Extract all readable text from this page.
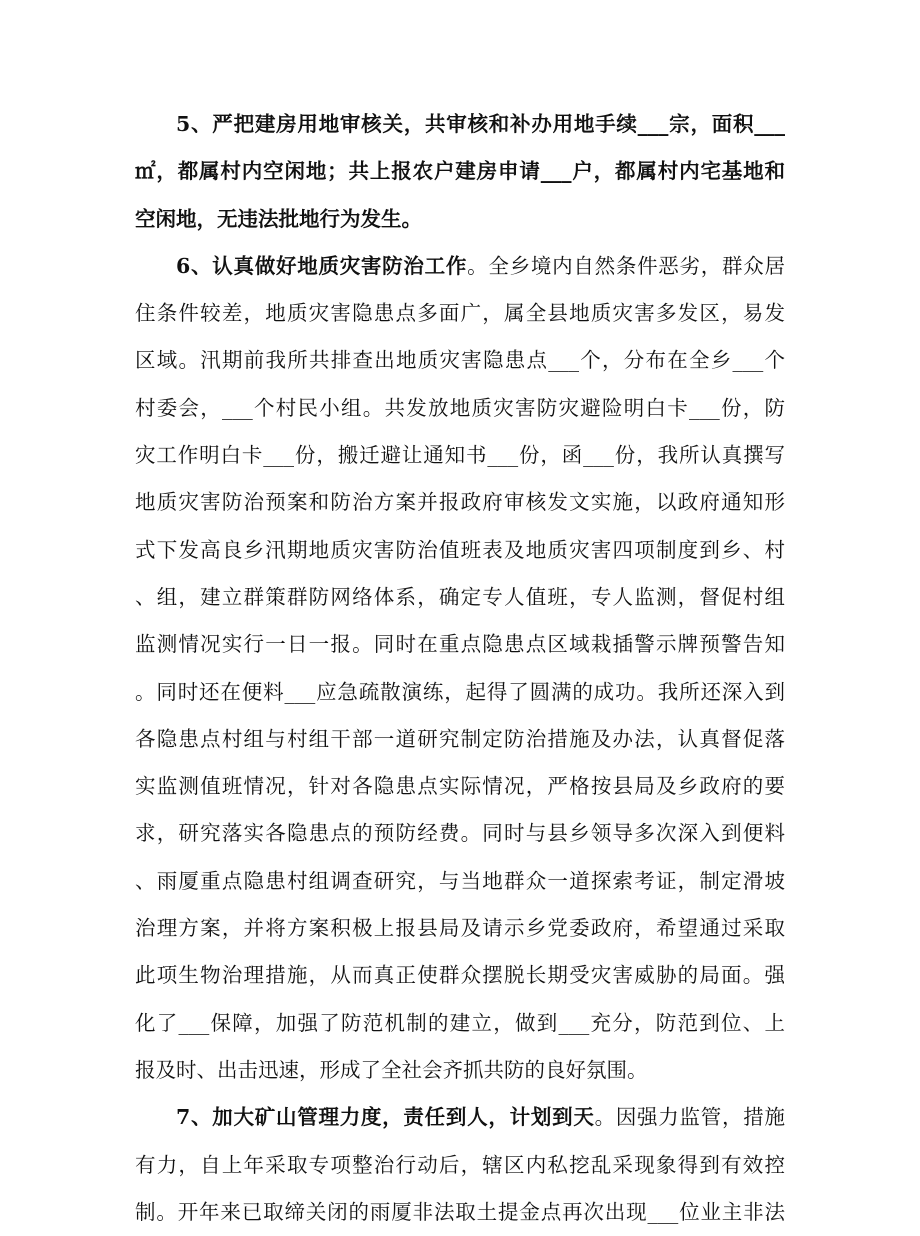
5、严把建房用地审核关，共审核和补办用地手续___宗，面积___
㎡，都属村内空闲地；共上报农户建房申请___户，都属村内宅基地和
空闲地，无违法批地行为发生。
6、认真做好地质灾害防治工作。全乡境内自然条件恶劣，群众居
住条件较差，地质灾害隐患点多面广，属全县地质灾害多发区，易发
区域。汛期前我所共排查出地质灾害隐患点___个，分布在全乡___个
村委会，___个村民小组。共发放地质灾害防灾避险明白卡___份，防
灾工作明白卡___份，搬迁避让通知书___份，函___份，我所认真撰写
地质灾害防治预案和防治方案并报政府审核发文实施，以政府通知形
式下发高良乡汛期地质灾害防治值班表及地质灾害四项制度到乡、村
、组，建立群策群防网络体系，确定专人值班，专人监测，督促村组
监测情况实行一日一报。同时在重点隐患点区域栽插警示牌预警告知
。同时还在便料___应急疏散演练，起得了圆满的成功。我所还深入到
各隐患点村组与村组干部一道研究制定防治措施及办法，认真督促落
实监测值班情况，针对各隐患点实际情况，严格按县局及乡政府的要
求，研究落实各隐患点的预防经费。同时与县乡领导多次深入到便料
、雨厦重点隐患村组调查研究，与当地群众一道探索考证，制定滑坡
治理方案，并将方案积极上报县局及请示乡党委政府，希望通过采取
此项生物治理措施，从而真正使群众摆脱长期受灾害威胁的局面。强
化了___保障，加强了防范机制的建立，做到___充分，防范到位、上
报及时、出击迅速，形成了全社会齐抓共防的良好氛围。
7、加大矿山管理力度，责任到人，计划到天。因强力监管，措施
有力，自上年采取专项整治行动后，辖区内私挖乱采现象得到有效控
制。开年来已取缔关闭的雨厦非法取土提金点再次出现___位业主非法
